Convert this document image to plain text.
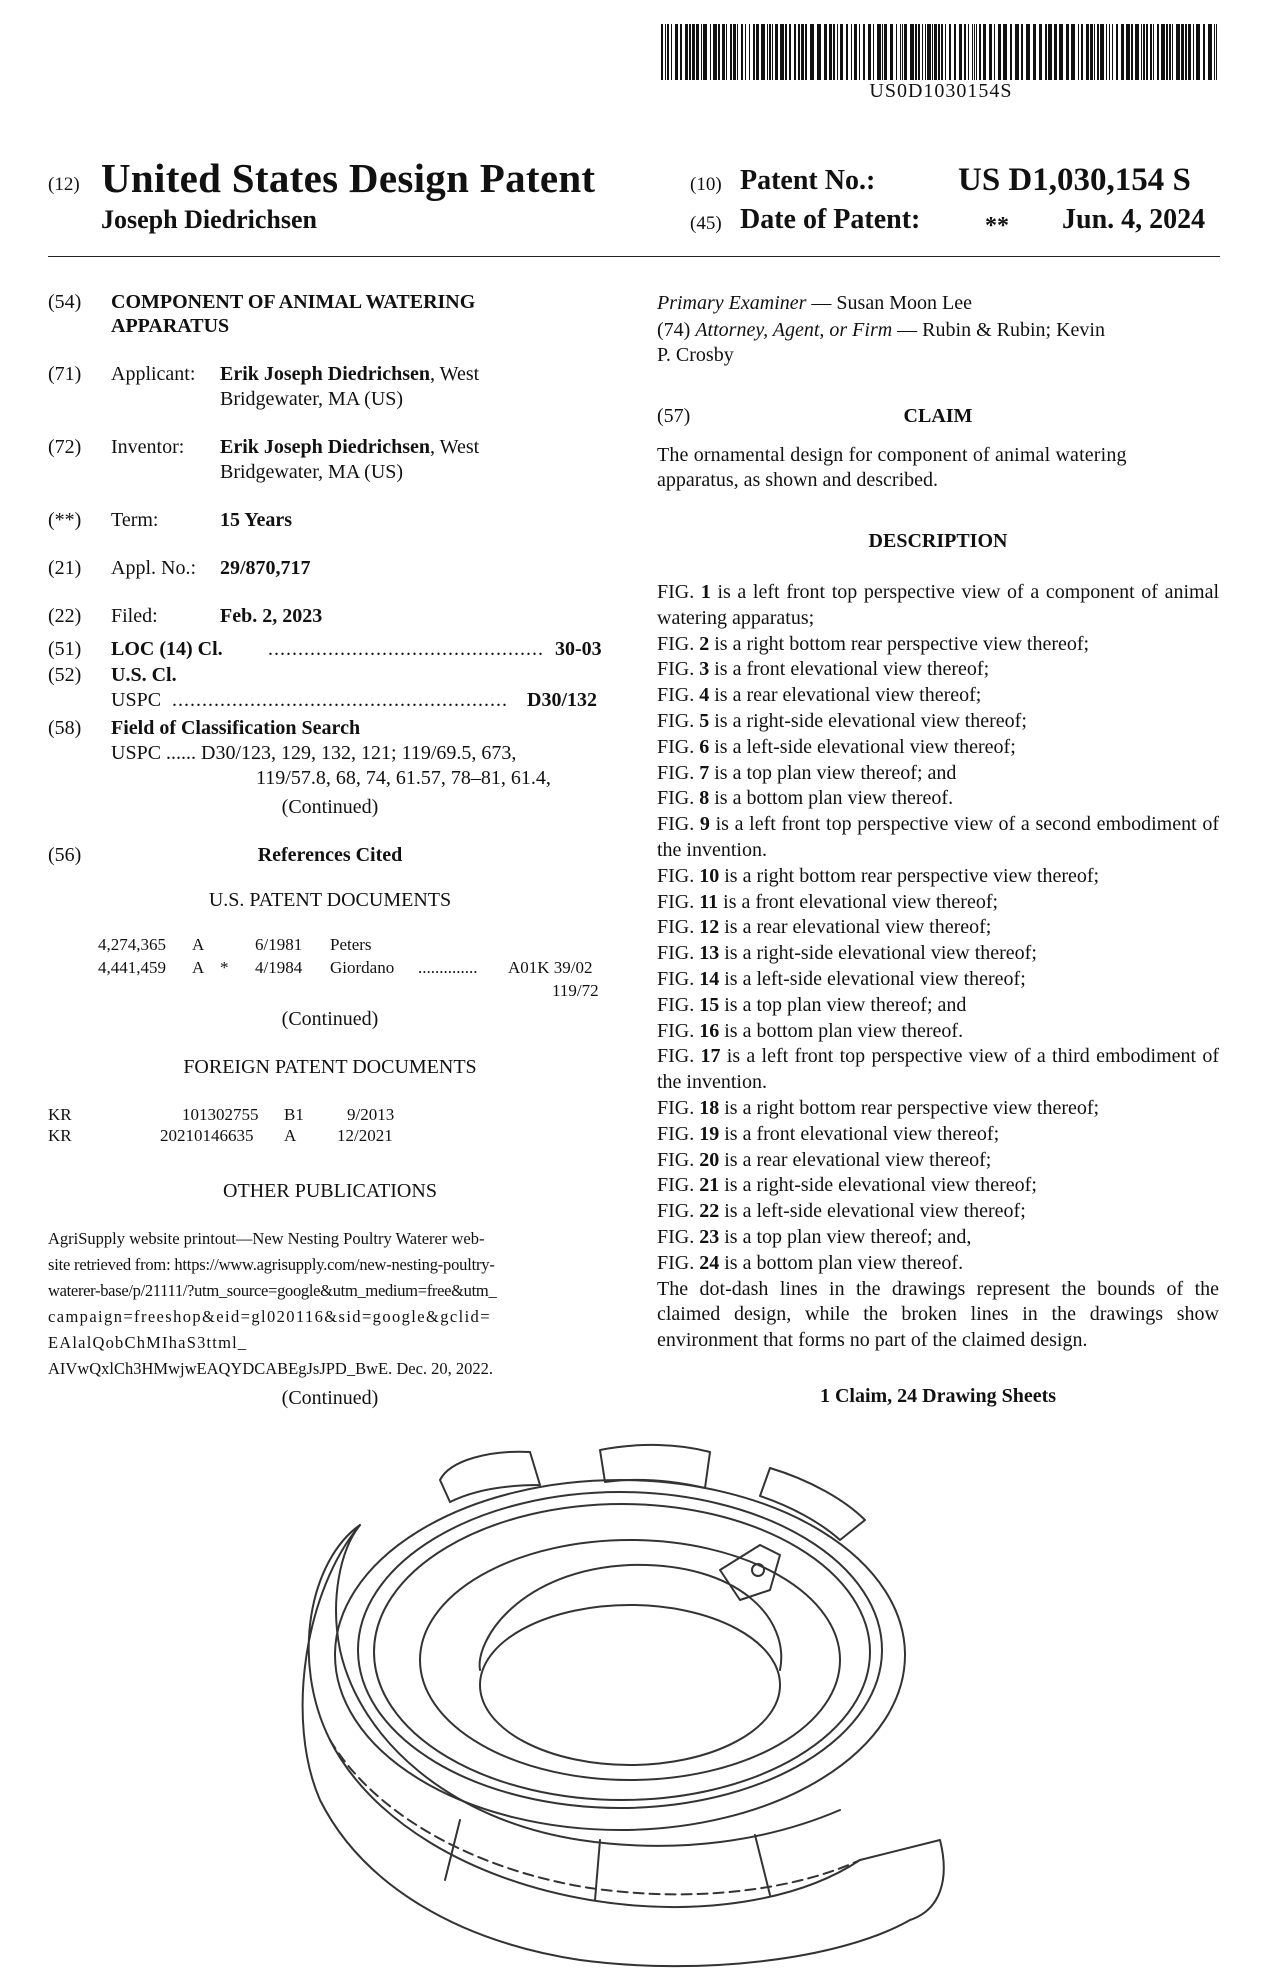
US0D1030154S
(12) United States Design Patent
Joseph Diedrichsen
(10) Patent No.:	US D1,030,154 S
(45) Date of Patent:	** Jun. 4, 2024
(54) COMPONENT OF ANIMAL WATERING
APPARATUS
(71) Applicant: Erik Joseph Diedrichsen, West
Bridgewater, MA (US)
(72) Inventor: Erik Joseph Diedrichsen, West
Bridgewater, MA (US)
(**) Term:	15 Years
(21) Appl. No.: 29/870,717
(22) Filed:	Feb. 2, 2023
(51) LOC (14) Cl. .............................................. 30-03
(52) U.S. Cl.
USPC ........................................................ D30/132
(58) Field of Classification Search
USPC ...... D30/123, 129, 132, 121; 119/69.5, 673,
119/57.8, 68, 74, 61.57, 78–81, 61.4,
(Continued)
(56)	References Cited
U.S. PATENT DOCUMENTS
4,274,365 A	6/1981 Peters
4,441,459 A * 4/1984 Giordano .............. A01K 39/02
119/72
(Continued)
FOREIGN PATENT DOCUMENTS
KR	101302755 B1	9/2013
KR	20210146635 A 12/2021
OTHER PUBLICATIONS
AgriSupply website printout—New Nesting Poultry Waterer web-
site retrieved from: https://www.agrisupply.com/new-nesting-poultry-
waterer-base/p/21111/?utm_source=google&utm_medium=free&utm_
campaign=freeshop&eid=gl020116&sid=google&gclid=
EAlalQobChMIhaS3ttml_
AIVwQxlCh3HMwjwEAQYDCABEgJsJPD_BwE. Dec. 20, 2022.
(Continued)
Primary Examiner — Susan Moon Lee
(74) Attorney, Agent, or Firm — Rubin & Rubin; Kevin
P. Crosby
(57)	CLAIM
The ornamental design for component of animal watering
apparatus, as shown and described.
DESCRIPTION

FIG. 1 is a left front top perspective view of a component of animal watering apparatus;

FIG. 2 is a right bottom rear perspective view thereof;

FIG. 3 is a front elevational view thereof;

FIG. 4 is a rear elevational view thereof;

FIG. 5 is a right-side elevational view thereof;

FIG. 6 is a left-side elevational view thereof;

FIG. 7 is a top plan view thereof; and

FIG. 8 is a bottom plan view thereof.

FIG. 9 is a left front top perspective view of a second embodiment of the invention.

FIG. 10 is a right bottom rear perspective view thereof;

FIG. 11 is a front elevational view thereof;

FIG. 12 is a rear elevational view thereof;

FIG. 13 is a right-side elevational view thereof;

FIG. 14 is a left-side elevational view thereof;

FIG. 15 is a top plan view thereof; and

FIG. 16 is a bottom plan view thereof.

FIG. 17 is a left front top perspective view of a third embodiment of the invention.

FIG. 18 is a right bottom rear perspective view thereof;

FIG. 19 is a front elevational view thereof;

FIG. 20 is a rear elevational view thereof;

FIG. 21 is a right-side elevational view thereof;

FIG. 22 is a left-side elevational view thereof;

FIG. 23 is a top plan view thereof; and,

FIG. 24 is a bottom plan view thereof.

The dot-dash lines in the drawings represent the bounds of the claimed design, while the broken lines in the drawings show environment that forms no part of the claimed design.

1 Claim, 24 Drawing Sheets
